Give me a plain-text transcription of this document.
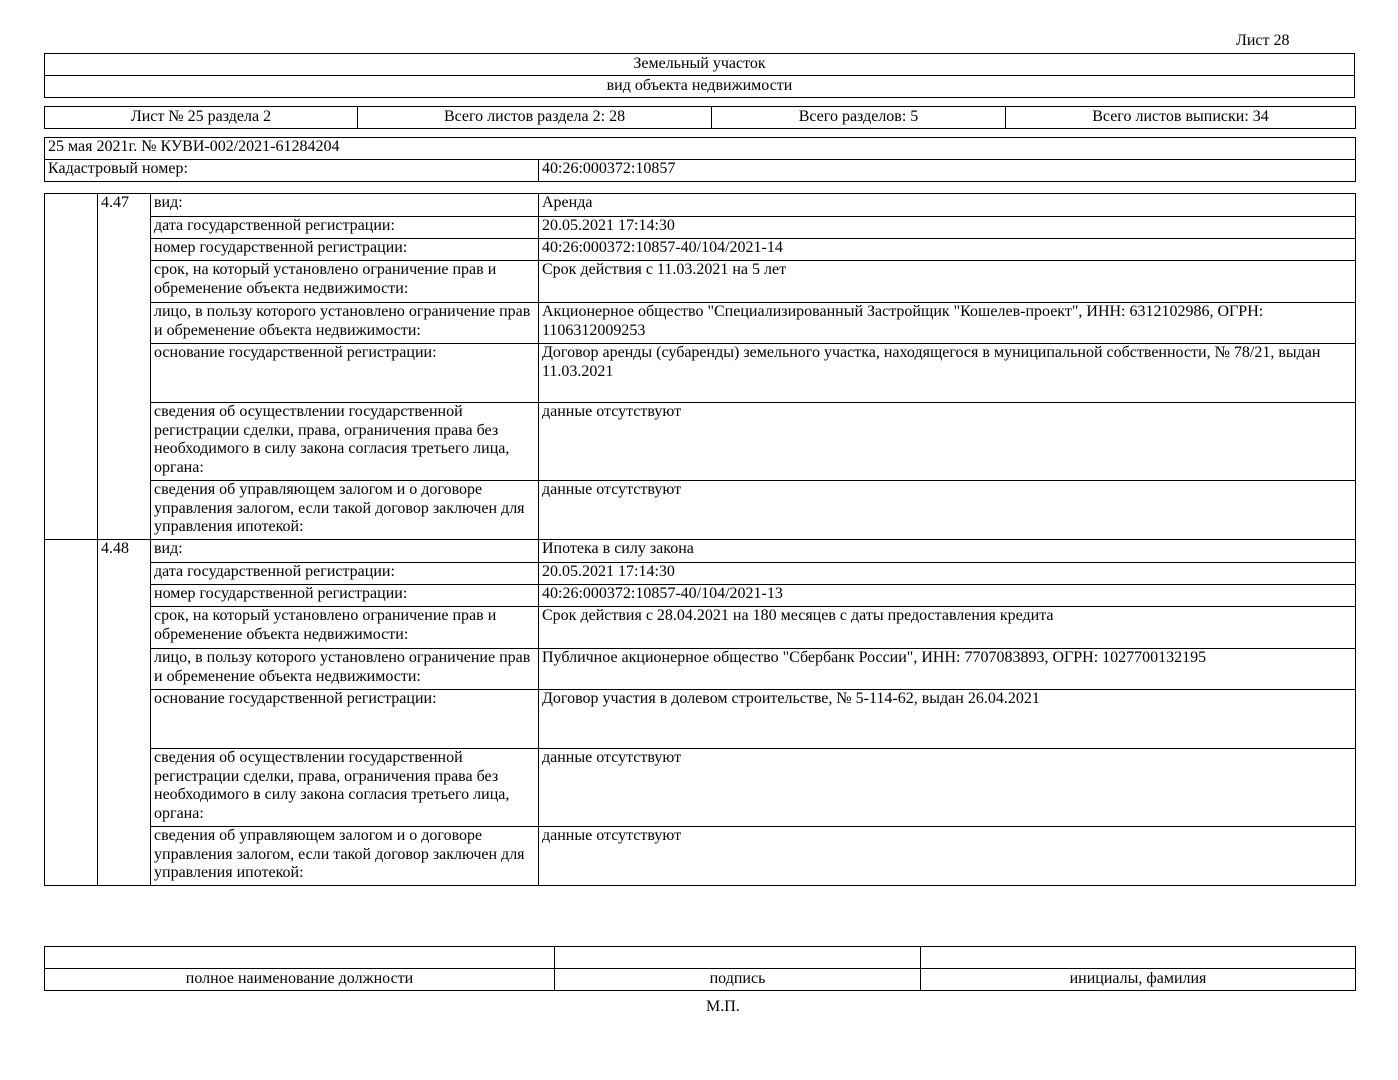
Лист 28
Земельный участок
вид объекта недвижимости
Лист № 25 раздела 2	Всего листов раздела 2: 28	Всего разделов: 5	Всего листов выписки: 34
25 мая 2021г. № КУВИ-002/2021-61284204
Кадастровый номер:	40:26:000372:10857
	4.47	вид:	Аренда
		дата государственной регистрации:	20.05.2021 17:14:30
		номер государственной регистрации:	40:26:000372:10857-40/104/2021-14
		срок, на который установлено ограничение прав и обременение объекта недвижимости:	Срок действия с 11.03.2021 на 5 лет
		лицо, в пользу которого установлено ограничение прав и обременение объекта недвижимости:	Акционерное общество "Специализированный Застройщик "Кошелев-проект", ИНН: 6312102986, ОГРН: 1106312009253
		основание государственной регистрации:	Договор аренды (субаренды) земельного участка, находящегося в муниципальной собственности, № 78/21, выдан 11.03.2021
		сведения об осуществлении государственной регистрации сделки, права, ограничения права без необходимого в силу закона согласия третьего лица, органа:	данные отсутствуют
		сведения об управляющем залогом и о договоре управления залогом, если такой договор заключен для управления ипотекой:	данные отсутствуют
	4.48	вид:	Ипотека в силу закона
		дата государственной регистрации:	20.05.2021 17:14:30
		номер государственной регистрации:	40:26:000372:10857-40/104/2021-13
		срок, на который установлено ограничение прав и обременение объекта недвижимости:	Срок действия с 28.04.2021 на 180 месяцев с даты предоставления кредита
		лицо, в пользу которого установлено ограничение прав и обременение объекта недвижимости:	Публичное акционерное общество "Сбербанк России", ИНН: 7707083893, ОГРН: 1027700132195
		основание государственной регистрации:	Договор участия в долевом строительстве, № 5-114-62, выдан 26.04.2021
		сведения об осуществлении государственной регистрации сделки, права, ограничения права без необходимого в силу закона согласия третьего лица, органа:	данные отсутствуют
		сведения об управляющем залогом и о договоре управления залогом, если такой договор заключен для управления ипотекой:	данные отсутствуют

полное наименование должности	подпись	инициалы, фамилия
М.П.
